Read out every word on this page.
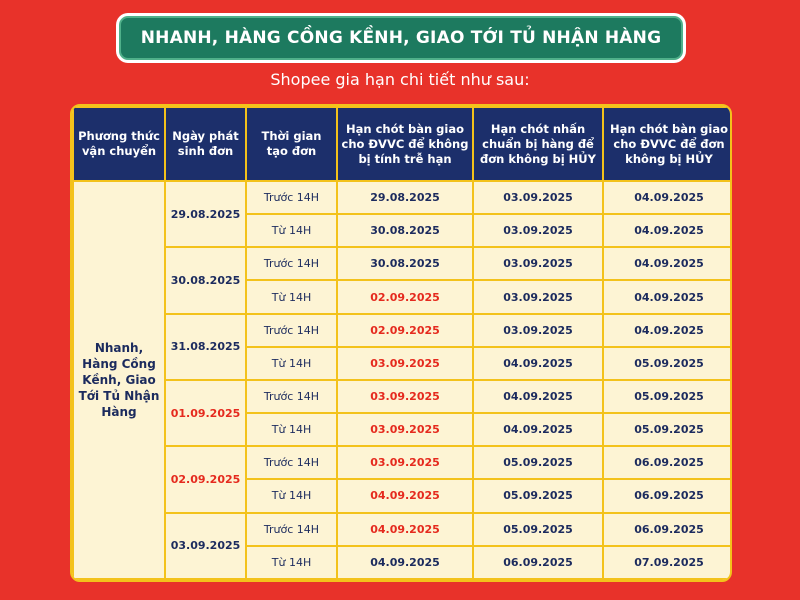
NHANH, HÀNG CỒNG KỀNH, GIAO TỚI TỦ NHẬN HÀNG
Shopee gia hạn chi tiết như sau:
Phương thức vận chuyển	Ngày phát sinh đơn	Thời gian tạo đơn	Hạn chót bàn giao cho ĐVVC để không bị tính trễ hạn	Hạn chót nhấn chuẩn bị hàng để đơn không bị HỦY	Hạn chót bàn giao cho ĐVVC để đơn không bị HỦY
Nhanh, Hàng Cồng Kềnh, Giao Tới Tủ Nhận Hàng	29.08.2025	Trước 14H	29.08.2025	03.09.2025	04.09.2025
		Từ 14H	30.08.2025	03.09.2025	04.09.2025
	30.08.2025	Trước 14H	30.08.2025	03.09.2025	04.09.2025
		Từ 14H	02.09.2025	03.09.2025	04.09.2025
	31.08.2025	Trước 14H	02.09.2025	03.09.2025	04.09.2025
		Từ 14H	03.09.2025	04.09.2025	05.09.2025
	01.09.2025	Trước 14H	03.09.2025	04.09.2025	05.09.2025
		Từ 14H	03.09.2025	04.09.2025	05.09.2025
	02.09.2025	Trước 14H	03.09.2025	05.09.2025	06.09.2025
		Từ 14H	04.09.2025	05.09.2025	06.09.2025
	03.09.2025	Trước 14H	04.09.2025	05.09.2025	06.09.2025
		Từ 14H	04.09.2025	06.09.2025	07.09.2025
